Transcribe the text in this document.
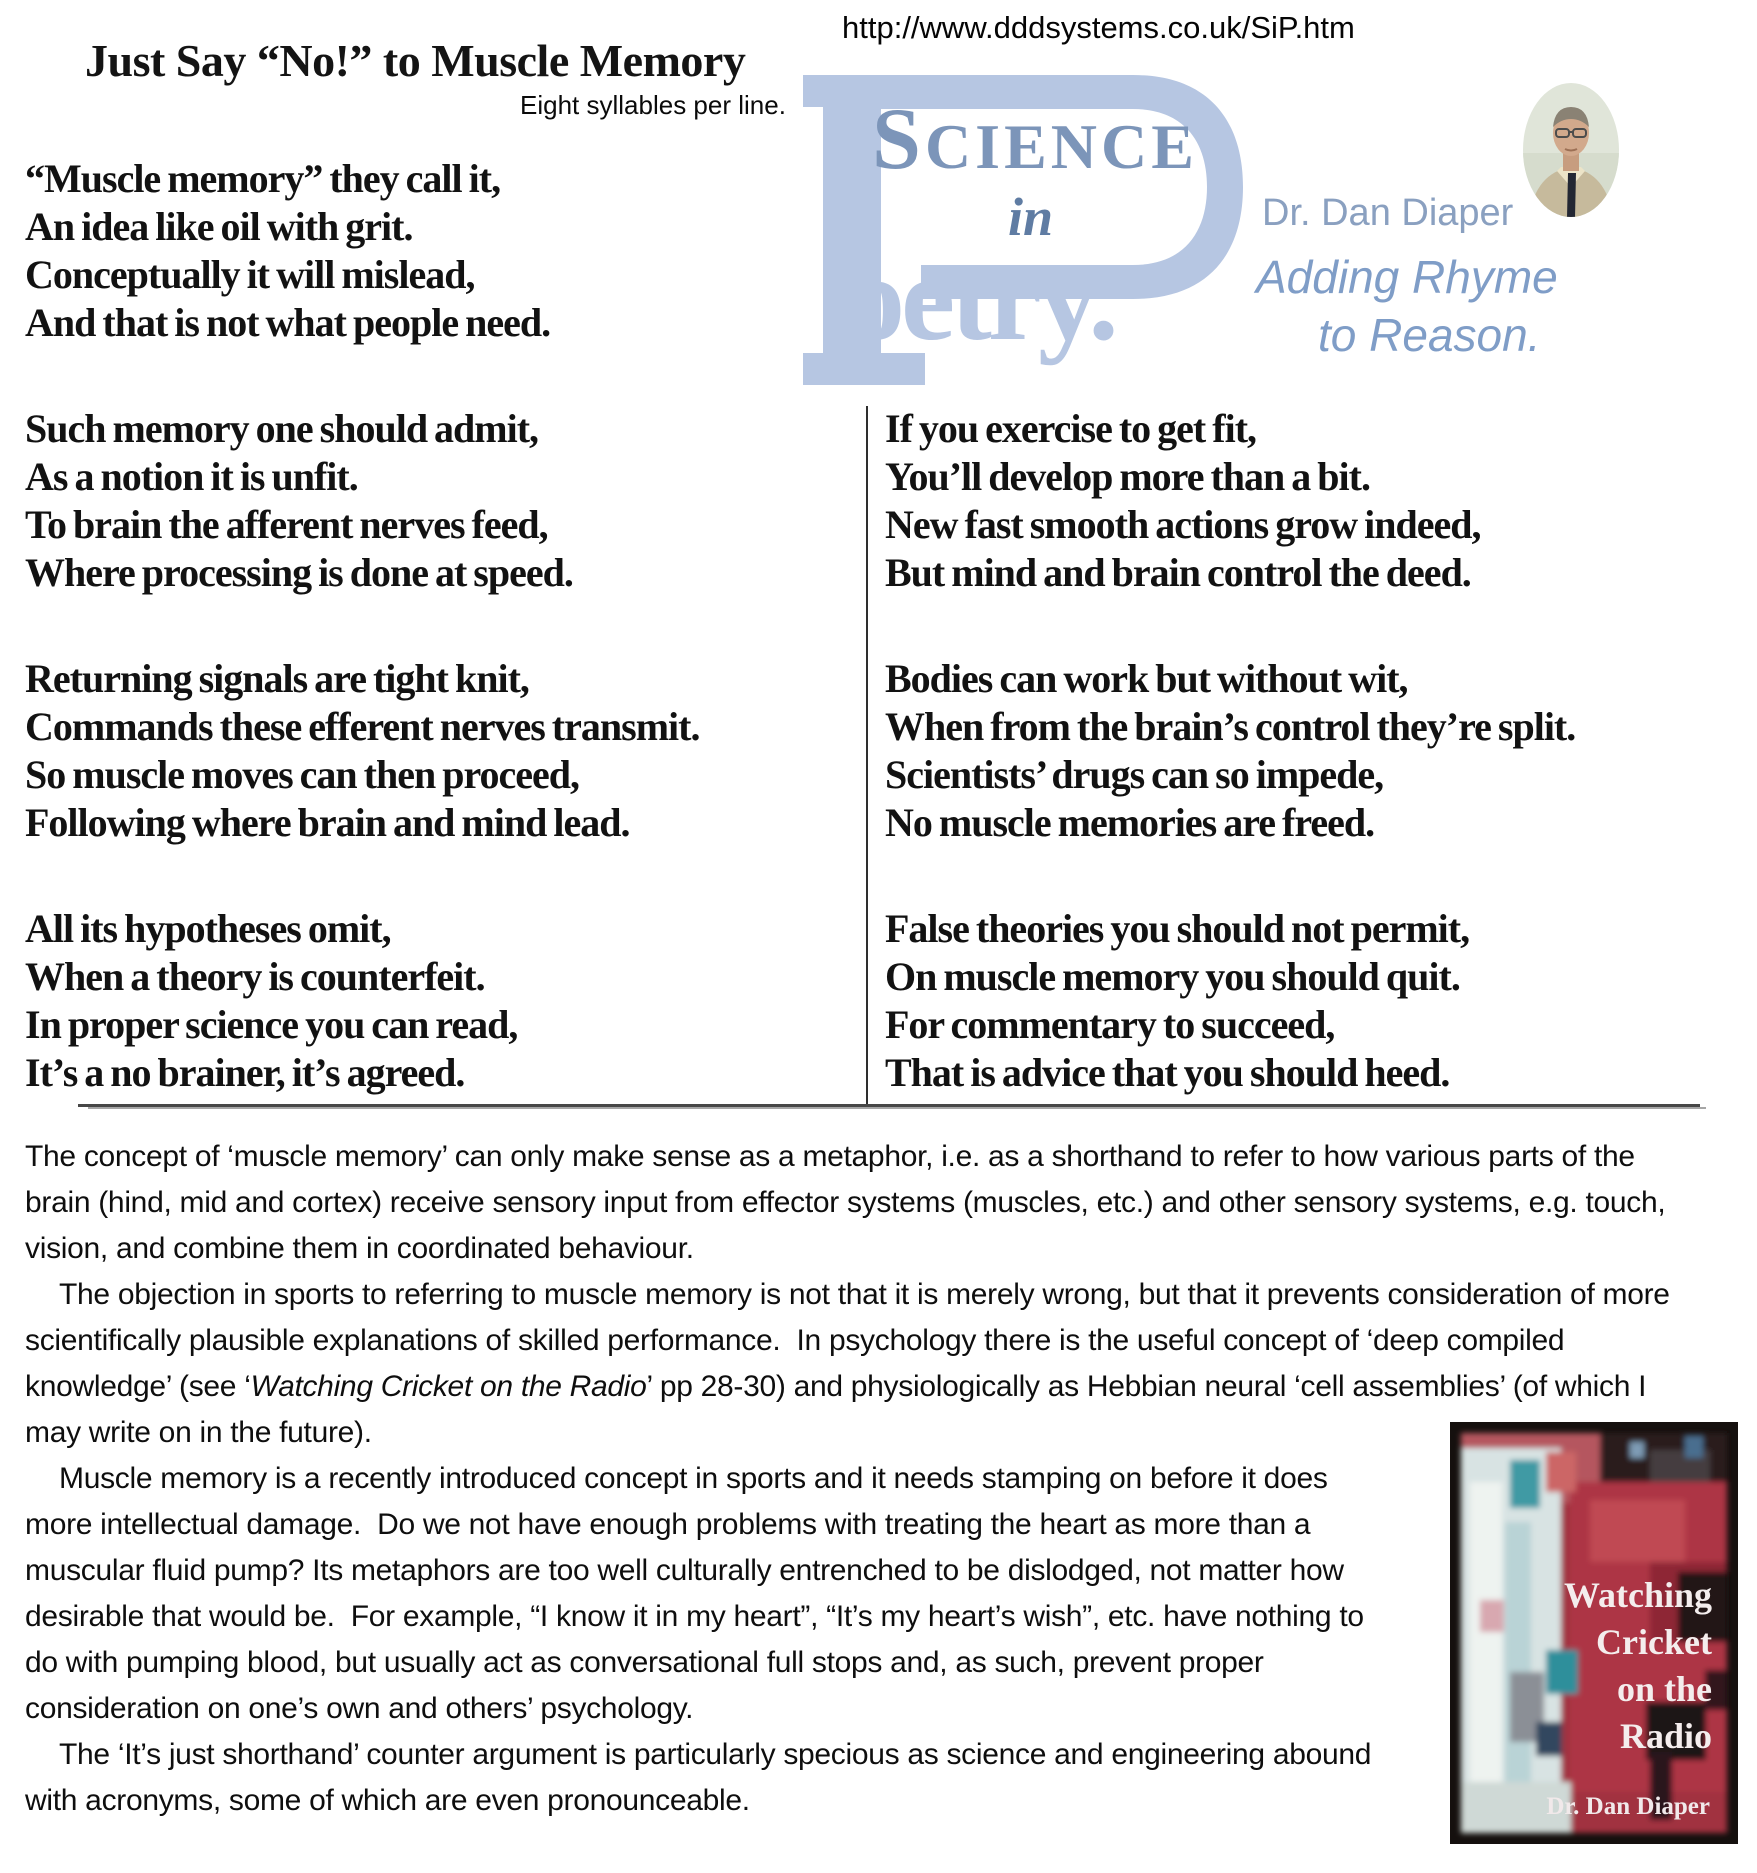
Just Say “No!” to Muscle Memory
Eight syllables per line.
http://www.dddsystems.co.uk/SiP.htm
SCIENCE
in
oetry.
Dr. Dan Diaper
Adding Rhyme
to Reason.
“Muscle memory” they call it,
An idea like oil with grit.
Conceptually it will mislead,
And that is not what people need.
Such memory one should admit,
As a notion it is unfit.
To brain the afferent nerves feed,
Where processing is done at speed.
Returning signals are tight knit,
Commands these efferent nerves transmit.
So muscle moves can then proceed,
Following where brain and mind lead.
All its hypotheses omit,
When a theory is counterfeit.
In proper science you can read,
It’s a no brainer, it’s agreed.
If you exercise to get fit,
You’ll develop more than a bit.
New fast smooth actions grow indeed,
But mind and brain control the deed.
Bodies can work but without wit,
When from the brain’s control they’re split.
Scientists’ drugs can so impede,
No muscle memories are freed.
False theories you should not permit,
On muscle memory you should quit.
For commentary to succeed,
That is advice that you should heed.

The concept of ‘muscle memory’ can only make sense as a metaphor, i.e. as a shorthand to refer to how various parts of the brain (hind, mid and cortex) receive sensory input from effector systems (muscles, etc.) and other sensory systems, e.g. touch, vision, and combine them in coordinated behaviour.

The objection in sports to referring to muscle memory is not that it is merely wrong, but that it prevents consideration of more scientifically plausible explanations of skilled performance.  In psychology there is the useful concept of ‘deep compiled knowledge’ (see ‘Watching Cricket on the Radio’ pp 28-30) and physiologically as Hebbian neural ‘cell assemblies’ (of which I may write on in the future).

Muscle memory is a recently introduced concept in sports and it needs stamping on before it does more intellectual damage.  Do we not have enough problems with treating the heart as more than a muscular fluid pump? Its metaphors are too well culturally entrenched to be dislodged, not matter how desirable that would be.  For example, “I know it in my heart”, “It’s my heart’s wish”, etc. have nothing to do with pumping blood, but usually act as conversational full stops and, as such, prevent proper consideration on one’s own and others’ psychology.

The ‘It’s just shorthand’ counter argument is particularly specious as science and engineering abound with acronyms, some of which are even pronounceable.

Watching
Cricket
on the
Radio
Dr. Dan Diaper
